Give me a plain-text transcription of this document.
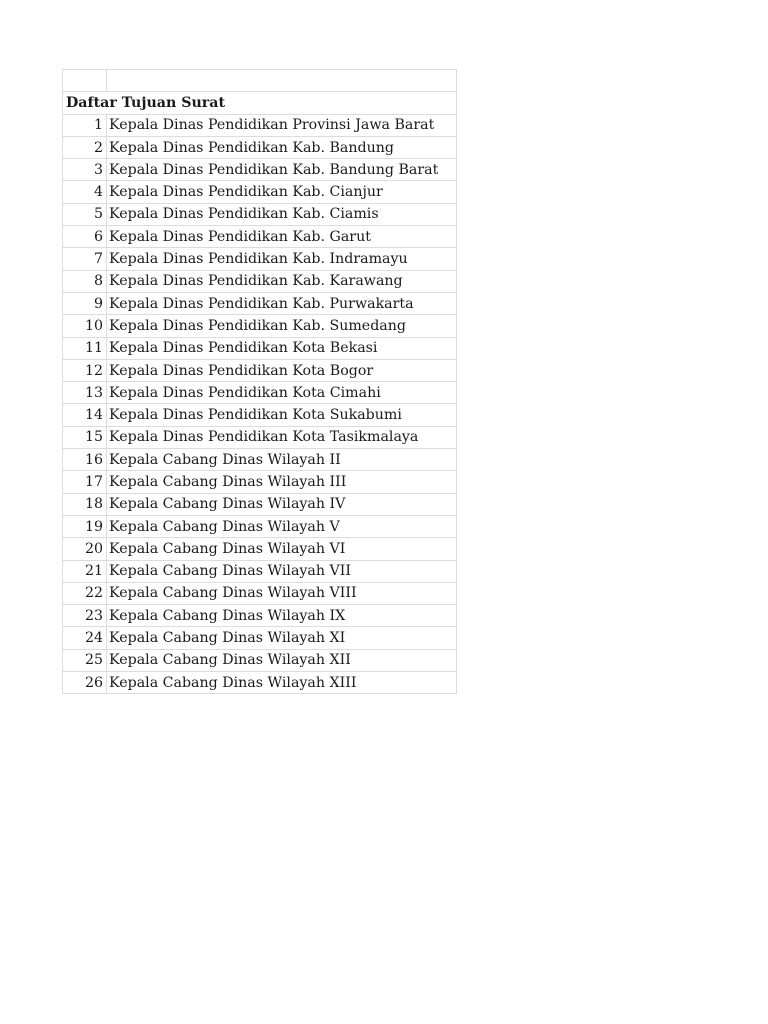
Daftar Tujuan Surat	
1	Kepala Dinas Pendidikan Provinsi Jawa Barat
2	Kepala Dinas Pendidikan Kab. Bandung
3	Kepala Dinas Pendidikan Kab. Bandung Barat
4	Kepala Dinas Pendidikan Kab. Cianjur
5	Kepala Dinas Pendidikan Kab. Ciamis
6	Kepala Dinas Pendidikan Kab. Garut
7	Kepala Dinas Pendidikan Kab. Indramayu
8	Kepala Dinas Pendidikan Kab. Karawang
9	Kepala Dinas Pendidikan Kab. Purwakarta
10	Kepala Dinas Pendidikan Kab. Sumedang
11	Kepala Dinas Pendidikan Kota Bekasi
12	Kepala Dinas Pendidikan Kota Bogor
13	Kepala Dinas Pendidikan Kota Cimahi
14	Kepala Dinas Pendidikan Kota Sukabumi
15	Kepala Dinas Pendidikan Kota Tasikmalaya
16	Kepala Cabang Dinas Wilayah II
17	Kepala Cabang Dinas Wilayah III
18	Kepala Cabang Dinas Wilayah IV
19	Kepala Cabang Dinas Wilayah V
20	Kepala Cabang Dinas Wilayah VI
21	Kepala Cabang Dinas Wilayah VII
22	Kepala Cabang Dinas Wilayah VIII
23	Kepala Cabang Dinas Wilayah IX
24	Kepala Cabang Dinas Wilayah XI
25	Kepala Cabang Dinas Wilayah XII
26	Kepala Cabang Dinas Wilayah XIII
